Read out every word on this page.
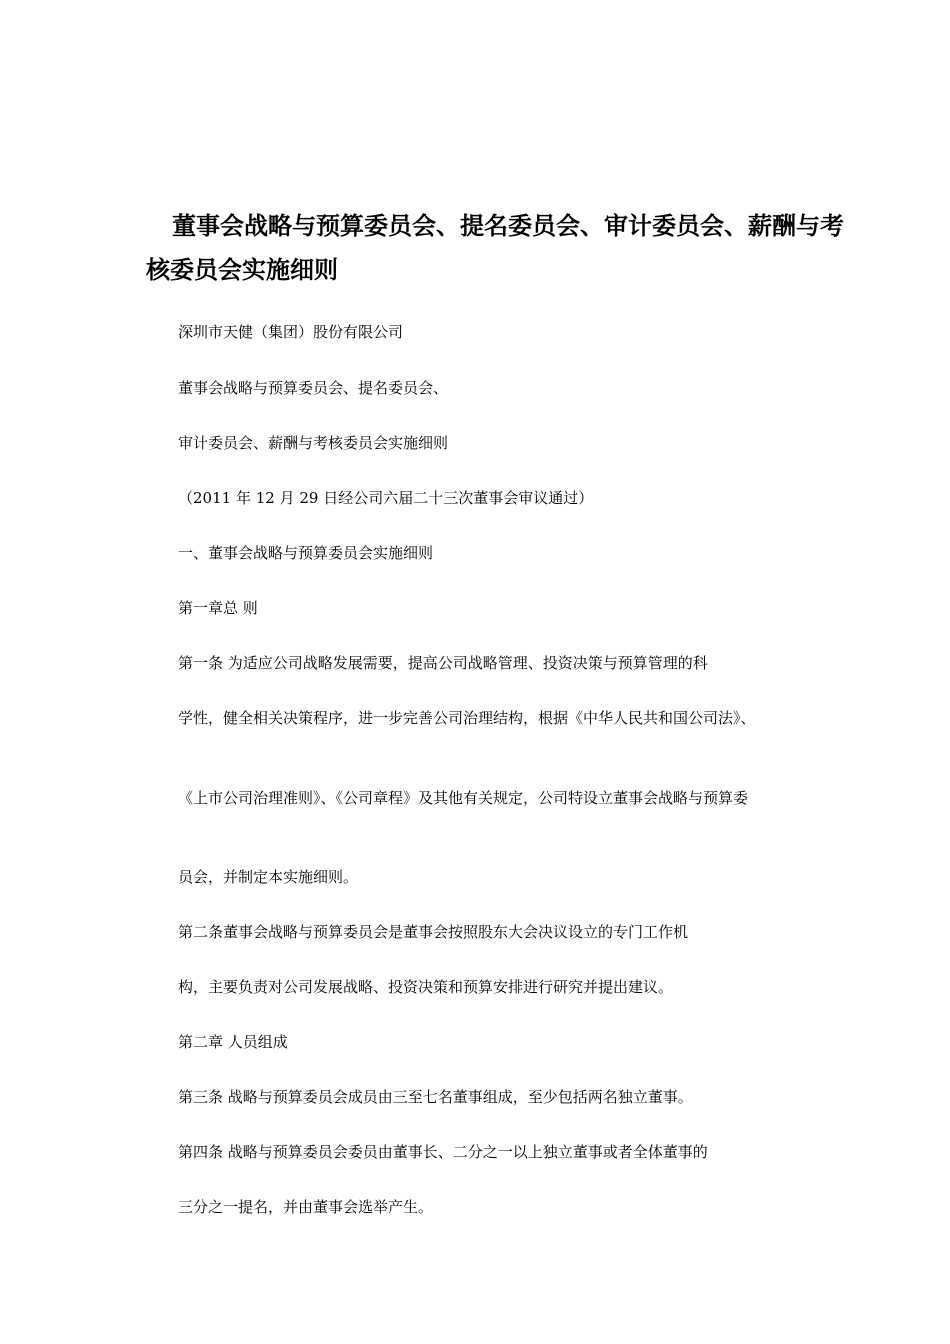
董事会战略与预算委员会、提名委员会、审计委员会、薪酬与考核委员会实施细则

深圳市天健（集团）股份有限公司

董事会战略与预算委员会、提名委员会、

审计委员会、薪酬与考核委员会实施细则

（2011 年 12 月 29 日经公司六届二十三次董事会审议通过）

一、董事会战略与预算委员会实施细则

第一章总 则

第一条 为适应公司战略发展需要，提高公司战略管理、投资决策与预算管理的科

学性，健全相关决策程序，进一步完善公司治理结构，根据《中华人民共和国公司法》、

《上市公司治理准则》、《公司章程》及其他有关规定，公司特设立董事会战略与预算委

员会，并制定本实施细则。

第二条董事会战略与预算委员会是董事会按照股东大会决议设立的专门工作机

构，主要负责对公司发展战略、投资决策和预算安排进行研究并提出建议。

第二章 人员组成

第三条 战略与预算委员会成员由三至七名董事组成，至少包括两名独立董事。

第四条 战略与预算委员会委员由董事长、二分之一以上独立董事或者全体董事的

三分之一提名，并由董事会选举产生。
